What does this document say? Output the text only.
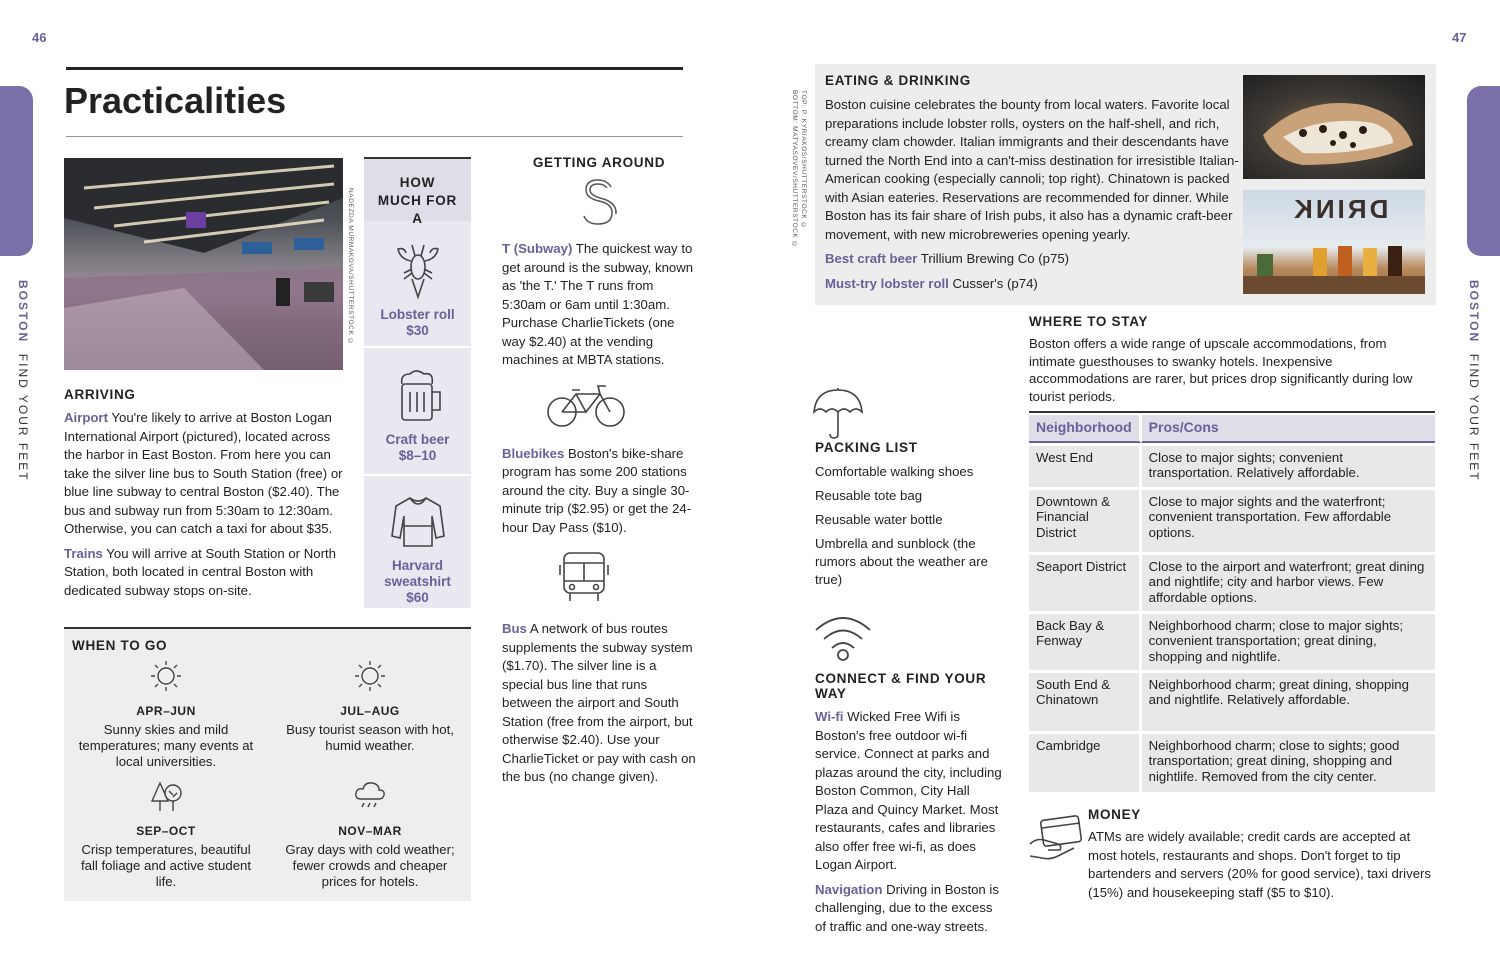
46
BOSTON  FIND YOUR FEET
Practicalities
NADEZDA MURMAKOVA/SHUTTERSTOCK ©
ARRIVING

Airport You're likely to arrive at Boston Logan International Airport (pictured), located across the harbor in East Boston. From here you can take the silver line bus to South Station (free) or blue line subway to central Boston ($2.40). The bus and subway run from 5:30am to 12:30am. Otherwise, you can catch a taxi for about $35.

Trains You will arrive at South Station or North Station, both located in central Boston with dedicated subway stops on-site.

HOW MUCH FOR A
Lobster roll
$30
Craft beer
$8–10
Harvard sweatshirt
$60
WHEN TO GO
APR–JUN
Sunny skies and mild temperatures; many events at local universities.
JUL–AUG
Busy tourist season with hot, humid weather.
SEP–OCT
Crisp temperatures, beautiful fall foliage and active student life.
NOV–MAR
Gray days with cold weather; fewer crowds and cheaper prices for hotels.
GETTING AROUND
T (Subway) The quickest way to get around is the subway, known as 'the T.' The T runs from 5:30am or 6am until 1:30am. Purchase CharlieTickets (one way $2.40) at the vending machines at MBTA stations.
Bluebikes Boston's bike-share program has some 200 stations around the city. Buy a single 30-minute trip ($2.95) or get the 24-hour Day Pass ($10).
Bus A network of bus routes supplements the subway system ($1.70). The silver line is a special bus line that runs between the airport and South Station (free from the airport, but otherwise $2.40). Use your CharlieTicket or pay with cash on the bus (no change given).
47
BOSTON  FIND YOUR FEET
TOP: P. KYRIAKOS/SHUTTERSTOCK ©
BOTTOM: MATYASOVEV/SHUTTERSTOCK ©
EATING & DRINKING

Boston cuisine celebrates the bounty from local waters. Favorite local preparations include lobster rolls, oysters on the half-shell, and rich, creamy clam chowder. Italian immigrants and their descendants have turned the North End into a can't-miss destination for irresistible Italian-American cooking (especially cannoli; top right). Chinatown is packed with Asian eateries. Reservations are recommended for dinner. While Boston has its fair share of Irish pubs, it also has a dynamic craft-beer movement, with new microbreweries opening yearly.

Best craft beer Trillium Brewing Co (p75)

Must-try lobster roll Cusser's (p74)

DRINK
WHERE TO STAY
Boston offers a wide range of upscale accommodations, from intimate guesthouses to swanky hotels. Inexpensive accommodations are rarer, but prices drop significantly during low tourist periods.
Neighborhood	Pros/Cons
West End	Close to major sights; convenient transportation. Relatively affordable.
Downtown & Financial District	Close to major sights and the waterfront; convenient transportation. Few affordable options.
Seaport District	Close to the airport and waterfront; great dining and nightlife; city and harbor views. Few affordable options.
Back Bay & Fenway	Neighborhood charm; close to major sights; convenient transportation; great dining, shopping and nightlife.
South End & Chinatown	Neighborhood charm; great dining, shopping and nightlife. Relatively affordable.
Cambridge	Neighborhood charm; close to sights; good transportation; great dining, shopping and nightlife. Removed from the city center.
PACKING LIST
Comfortable walking shoes
Reusable tote bag
Reusable water bottle
Umbrella and sunblock (the rumors about the weather are true)
CONNECT & FIND YOUR WAY

Wi-fi Wicked Free Wifi is Boston's free outdoor wi-fi service. Connect at parks and plazas around the city, including Boston Common, City Hall Plaza and Quincy Market. Most restaurants, cafes and libraries also offer free wi-fi, as does Logan Airport.

Navigation Driving in Boston is challenging, due to the excess of traffic and one-way streets.

MONEY
ATMs are widely available; credit cards are accepted at most hotels, restaurants and shops. Don't forget to tip bartenders and servers (20% for good service), taxi drivers (15%) and housekeeping staff ($5 to $10).
